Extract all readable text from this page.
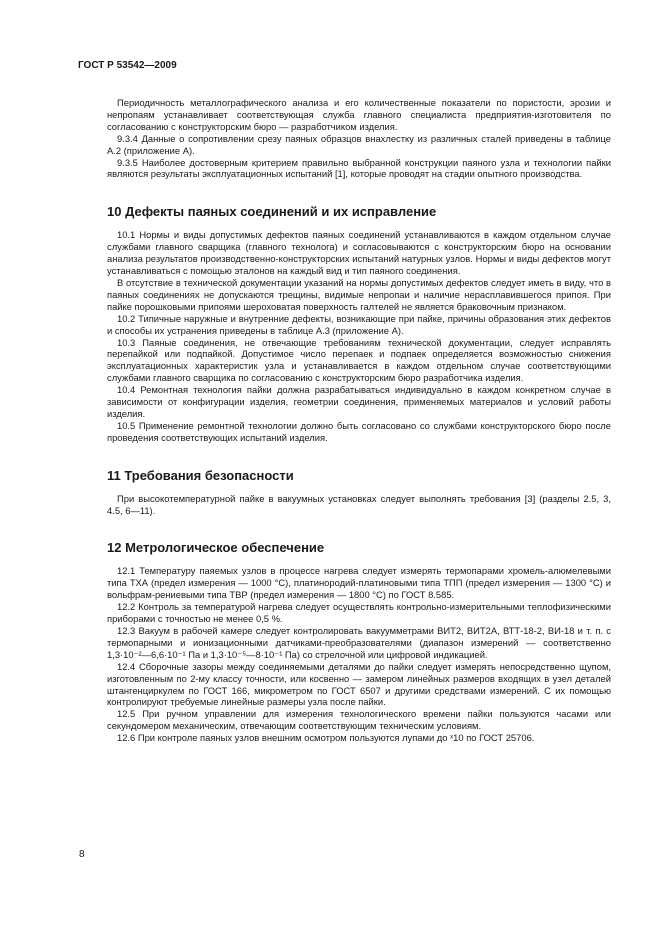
ГОСТ Р 53542—2009

Периодичность металлографического анализа и его количественные показатели по пористости, эрозии и непропаям устанавливает соответствующая служба главного специалиста предприятия-изготовителя по согласованию с конструкторским бюро — разработчиком изделия.

9.3.4 Данные о сопротивлении срезу паяных образцов внахлестку из различных сталей приведены в таблице А.2 (приложение А).

9.3.5 Наиболее достоверным критерием правильно выбранной конструкции паяного узла и технологии пайки являются результаты эксплуатационных испытаний [1], которые проводят на стадии опытного производства.

10 Дефекты паяных соединений и их исправление

10.1 Нормы и виды допустимых дефектов паяных соединений устанавливаются в каждом отдельном случае службами главного сварщика (главного технолога) и согласовываются с конструкторским бюро на основании анализа результатов производственно-конструкторских испытаний натурных узлов. Нормы и виды дефектов могут устанавливаться с помощью эталонов на каждый вид и тип паяного соединения.

В отсутствие в технической документации указаний на нормы допустимых дефектов следует иметь в виду, что в паяных соединениях не допускаются трещины, видимые непропаи и наличие нерасплавившегося припоя. При пайке порошковыми припоями шероховатая поверхность галтелей не является браковочным признаком.

10.2 Типичные наружные и внутренние дефекты, возникающие при пайке, причины образования этих дефектов и способы их устранения приведены в таблице А.3 (приложение А).

10.3 Паяные соединения, не отвечающие требованиям технической документации, следует исправлять перепайкой или подпайкой. Допустимое число перепаек и подпаек определяется возможностью снижения эксплуатационных характеристик узла и устанавливается в каждом отдельном случае соответствующими службами главного сварщика по согласованию с конструкторским бюро разработчика изделия.

10.4 Ремонтная технология пайки должна разрабатываться индивидуально в каждом конкретном случае в зависимости от конфигурации изделия, геометрии соединения, применяемых материалов и условий работы изделия.

10.5 Применение ремонтной технологии должно быть согласовано со службами конструкторского бюро после проведения соответствующих испытаний изделия.

11 Требования безопасности

При высокотемпературной пайке в вакуумных установках следует выполнять требования [3] (разделы 2.5, 3, 4.5, 6—11).

12 Метрологическое обеспечение

12.1 Температуру паяемых узлов в процессе нагрева следует измерять термопарами хромель-алюмелевыми типа ТХА (предел измерения — 1000 °С), платинородий-платиновыми типа ТПП (предел измерения — 1300 °С) и вольфрам-рениевыми типа ТВР (предел измерения — 1800 °С) по ГОСТ 8.585.

12.2 Контроль за температурой нагрева следует осуществлять контрольно-измерительными теплофизическими приборами с точностью не менее 0,5 %.

12.3 Вакуум в рабочей камере следует контролировать вакуумметрами ВИТ2, ВИТ2А, ВТТ-18-2, ВИ-18 и т. п. с термопарными и ионизационными датчиками-преобразователями (диапазон измерений — соответственно 1,3·10⁻²—6,6·10⁻¹ Па и 1,3·10⁻⁵—8·10⁻¹ Па) со стрелочной или цифровой индикацией.

12.4 Сборочные зазоры между соединяемыми деталями до пайки следует измерять непосредственно щупом, изготовленным по 2-му классу точности, или косвенно — замером линейных размеров входящих в узел деталей штангенциркулем по ГОСТ 166, микрометром по ГОСТ 6507 и другими средствами измерений. С их помощью контролируют требуемые линейные размеры узла после пайки.

12.5 При ручном управлении для измерения технологического времени пайки пользуются часами или секундомером механическим, отвечающим соответствующим техническим условиям.

12.6 При контроле паяных узлов внешним осмотром пользуются лупами до ˣ10 по ГОСТ 25706.

8
